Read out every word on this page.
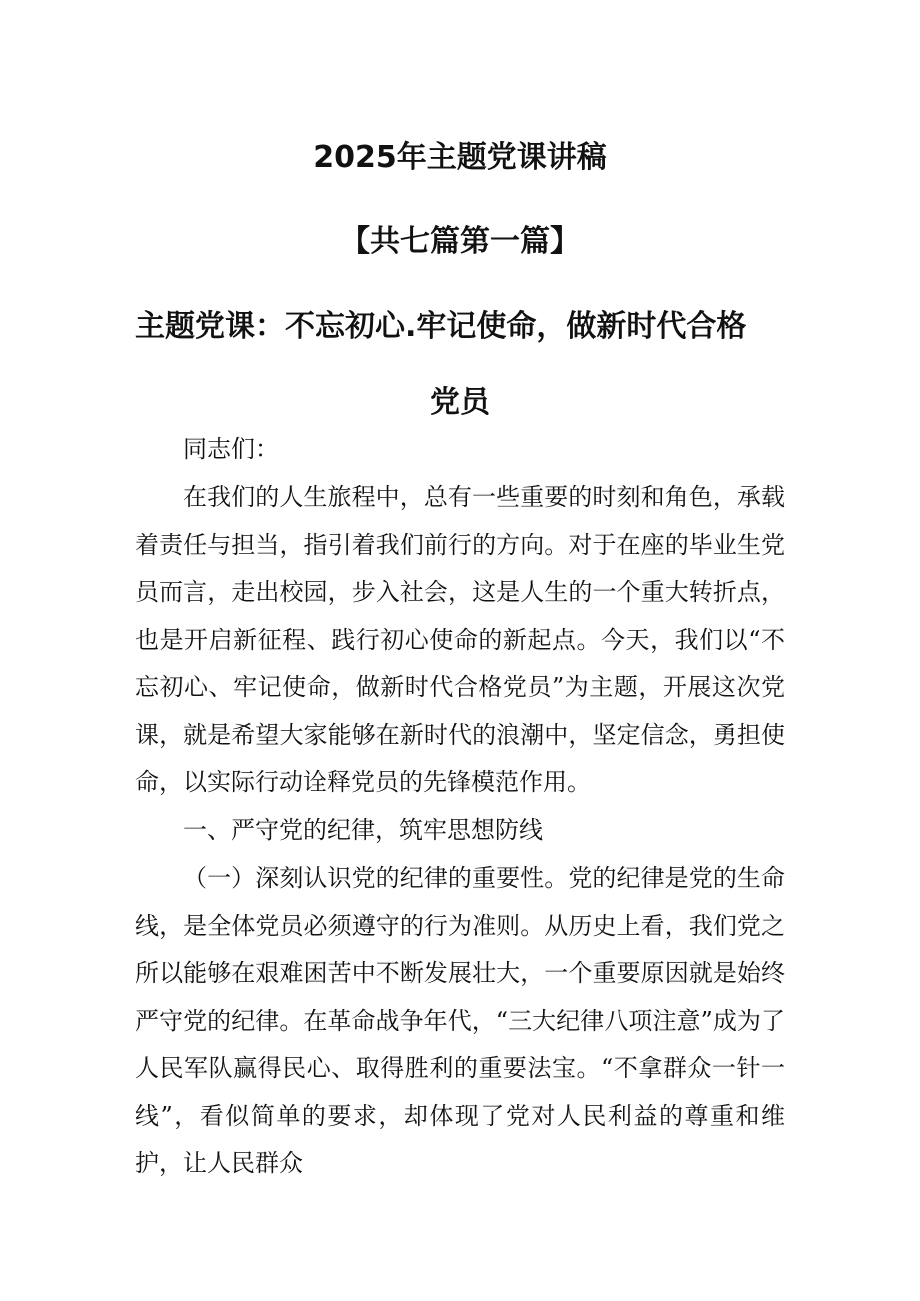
2025年主题党课讲稿
【共七篇第一篇】
主题党课：不忘初心.牢记使命，做新时代合格
党员

同志们：

在我们的人生旅程中，总有一些重要的时刻和角色，承载着责任与担当，指引着我们前行的方向。对于在座的毕业生党员而言，走出校园，步入社会，这是人生的一个重大转折点，也是开启新征程、践行初心使命的新起点。今天，我们以“不忘初心、牢记使命，做新时代合格党员”为主题，开展这次党课，就是希望大家能够在新时代的浪潮中，坚定信念，勇担使命，以实际行动诠释党员的先锋模范作用。

一、严守党的纪律，筑牢思想防线

（一）深刻认识党的纪律的重要性。党的纪律是党的生命线，是全体党员必须遵守的行为准则。从历史上看，我们党之所以能够在艰难困苦中不断发展壮大，一个重要原因就是始终严守党的纪律。在革命战争年代，“三大纪律八项注意”成为了人民军队赢得民心、取得胜利的重要法宝。“不拿群众一针一线”，看似简单的要求，却体现了党对人民利益的尊重和维护，让人民群众
